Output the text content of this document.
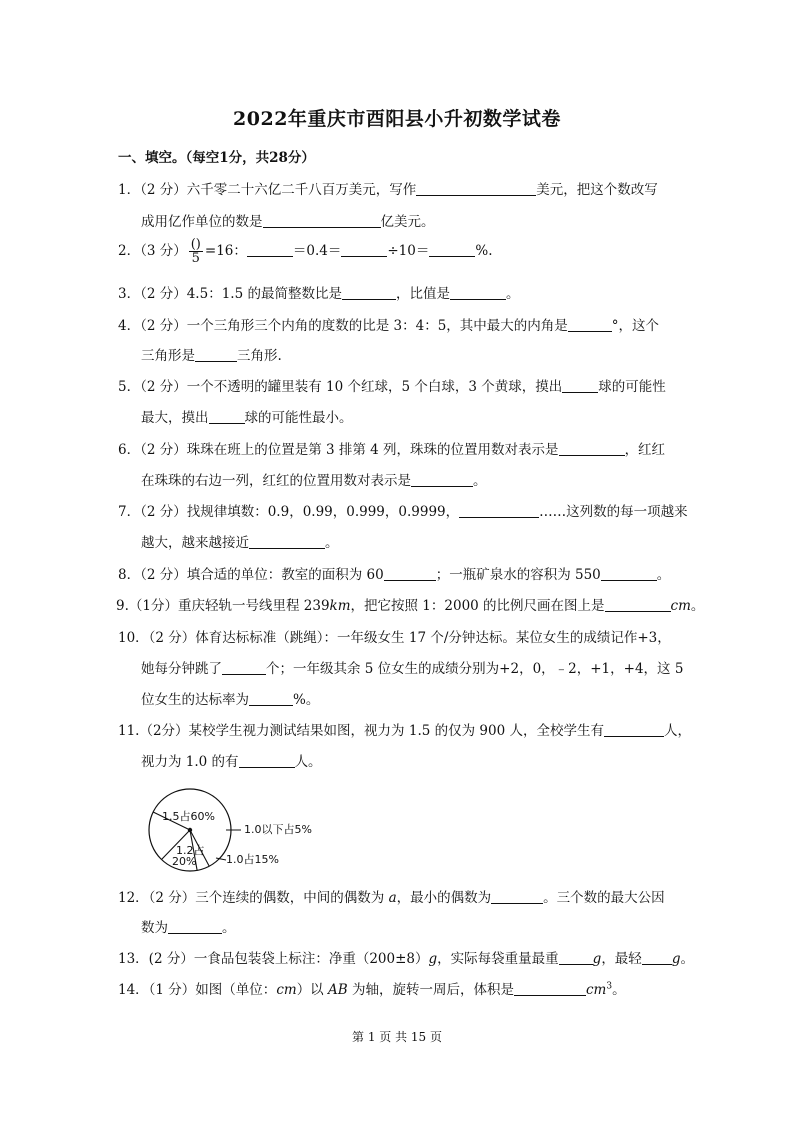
2022年重庆市酉阳县小升初数学试卷
一、填空。（每空1分，共28分）
1．（2 分）六千零二十六亿二千八百万美元，写作	美元，把这个数改写
成用亿作单位的数是	亿美元。
2．（3 分） $\frac{()}{5} =16$：	＝0.4＝	÷10＝	%.
3．（2 分）4.5：1.5 的最简整数比是	，比值是	。
4．（2 分）一个三角形三个内角的度数的比是 3：4：5，其中最大的内角是	°，这个
三角形是	三角形.
5．（2 分）一个不透明的罐里装有 10 个红球，5 个白球，3 个黄球，摸出	球的可能性
最大，摸出	球的可能性最小。
6．（2 分）珠珠在班上的位置是第 3 排第 4 列，珠珠的位置用数对表示是	，红红
在珠珠的右边一列，红红的位置用数对表示是	。
7．（2 分）找规律填数：0.9，0.99，0.999，0.9999，	……这列数的每一项越来
越大，越来越接近	。
8．（2 分）填合适的单位：教室的面积为 60	；一瓶矿泉水的容积为 550	。
9.（1分）重庆轻轨一号线里程 239km，把它按照 1：2000 的比例尺画在图上是	cm。
10．（2 分）体育达标标准（跳绳）：一年级女生 17 个/分钟达标。某位女生的成绩记作+3，
她每分钟跳了	个；一年级其余 5 位女生的成绩分别为+2，0，﹣2，+1，+4，这 5
位女生的达标率为	%。
11.（2分）某校学生视力测试结果如图，视力为 1.5 的仅为 900 人，全校学生有	人，
视力为 1.0 的有	人。
1.5占60%
1.0以下占5%
1.0占15%
1.2占 20%
12．（2 分）三个连续的偶数，中间的偶数为 a，最小的偶数为	。三个数的最大公因
数为	。
13．(2 分）一食品包装袋上标注：净重（200±8）g，实际每袋重量最重	g，最轻 g。
14．（1 分）如图（单位：cm）以 AB 为轴，旋转一周后，体积是	$cm^3$。
第 1 页 共 15 页
